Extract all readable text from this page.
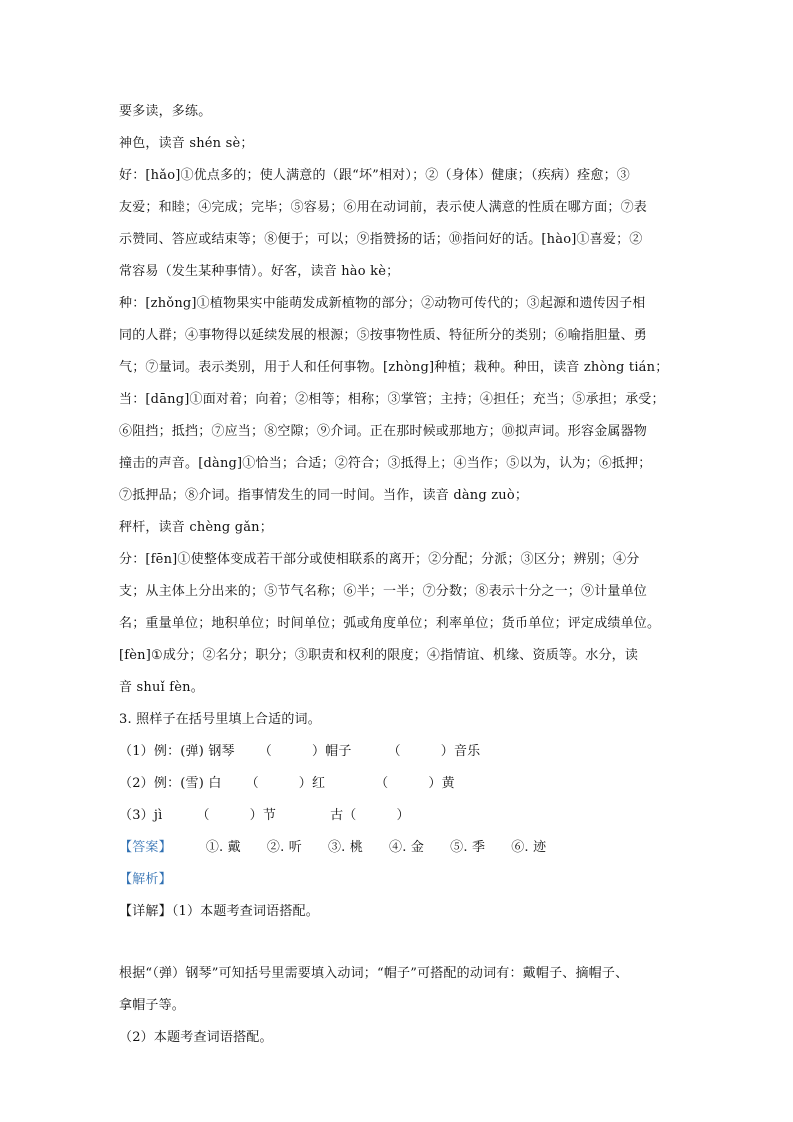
要多读，多练。
神色，读音 shén sè；
好：[hǎo]①优点多的；使人满意的（跟“坏”相对）；②（身体）健康；（疾病）痊愈；③
友爱；和睦；④完成；完毕；⑤容易；⑥用在动词前，表示使人满意的性质在哪方面；⑦表
示赞同、答应或结束等；⑧便于；可以；⑨指赞扬的话；⑩指问好的话。[hào]①喜爱；②
常容易（发生某种事情）。好客，读音 hào kè；
种：[zhǒng]①植物果实中能萌发成新植物的部分；②动物可传代的；③起源和遗传因子相
同的人群；④事物得以延续发展的根源；⑤按事物性质、特征所分的类别；⑥喻指胆量、勇
气；⑦量词。表示类别，用于人和任何事物。[zhòng]种植；栽种。种田，读音 zhòng tián；
当：[dāng]①面对着；向着；②相等；相称；③掌管；主持；④担任；充当；⑤承担；承受；
⑥阻挡；抵挡；⑦应当；⑧空隙；⑨介词。正在那时候或那地方；⑩拟声词。形容金属器物
撞击的声音。[dàng]①恰当；合适；②符合；③抵得上；④当作；⑤以为，认为；⑥抵押；
⑦抵押品；⑧介词。指事情发生的同一时间。当作，读音 dàng zuò；
秤杆，读音 chèng gǎn；
分：[fēn]①使整体变成若干部分或使相联系的离开；②分配；分派；③区分；辨别；④分
支；从主体上分出来的；⑤节气名称；⑥半；一半；⑦分数；⑧表示十分之一；⑨计量单位
名；重量单位；地积单位；时间单位；弧或角度单位；利率单位；货币单位；评定成绩单位。
[fèn]①成分；②名分；职分；③职责和权利的限度；④指情谊、机缘、资质等。水分，读
音 shuǐ fèn。
3. 照样子在括号里填上合适的词。
（1）例：(弹) 钢琴 （	）帽子	（	）音乐
（2）例：(雪) 白 （	）红	（	）黄
（3）jì	（	）节	古（	）
【答案】	①. 戴 ②. 听 ③. 桃 ④. 金 ⑤. 季 ⑥. 迹
【解析】
【详解】（1）本题考查词语搭配。
根据“（弹）钢琴”可知括号里需要填入动词；“帽子”可搭配的动词有：戴帽子、摘帽子、
拿帽子等。
（2）本题考查词语搭配。
